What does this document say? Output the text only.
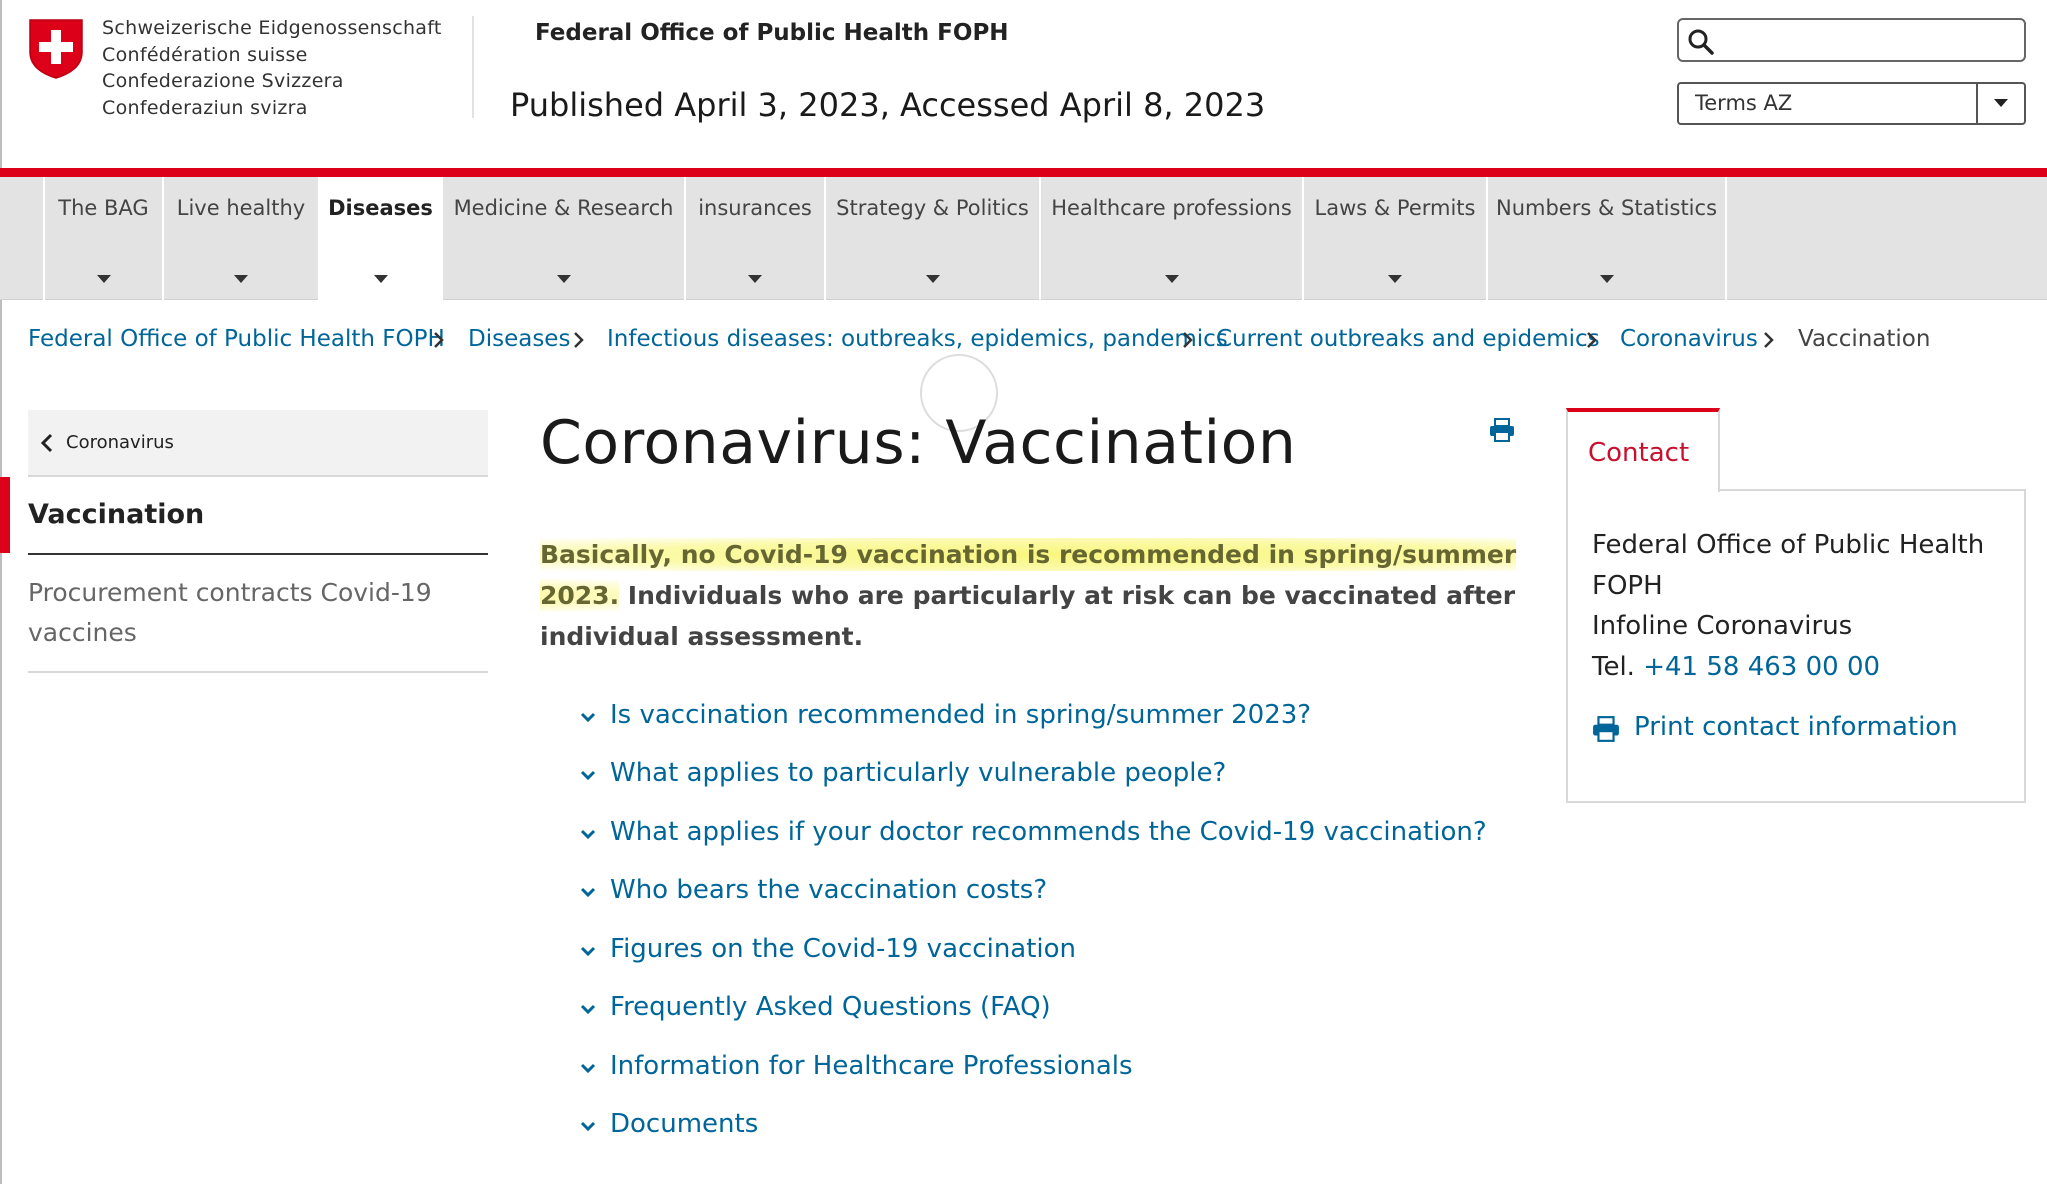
Schweizerische Eidgenossenschaft
Confédération suisse
Confederazione Svizzera
Confederaziun svizra
Federal Office of Public Health FOPH
Published April 3, 2023, Accessed April 8, 2023	Terms AZ
The BAG	Live healthy	Diseases Medicine & Research	insurances	Strategy & Politics	Healthcare professions	Laws & Permits Numbers & Statistics
Federal Office of Public Health FOPH Diseases Infectious diseases: outbreaks, epidemics, pandemics
Current outbreaks and epidemics Coronavirus Vaccination
Coronavirus
Vaccination
Procurement contracts Covid-19 vaccines
Coronavirus: Vaccination
Basically, no Covid-19 vaccination is recommended in spring/summer 2023. Individuals who are particularly at risk can be vaccinated after individual assessment.
Is vaccination recommended in spring/summer 2023?
What applies to particularly vulnerable people?
What applies if your doctor recommends the Covid-19 vaccination?
Who bears the vaccination costs?
Figures on the Covid-19 vaccination
Frequently Asked Questions (FAQ)
Information for Healthcare Professionals
Documents
Contact
Federal Office of Public Health
FOPH
Infoline Coronavirus
Tel. +41 58 463 00 00
Print contact information
